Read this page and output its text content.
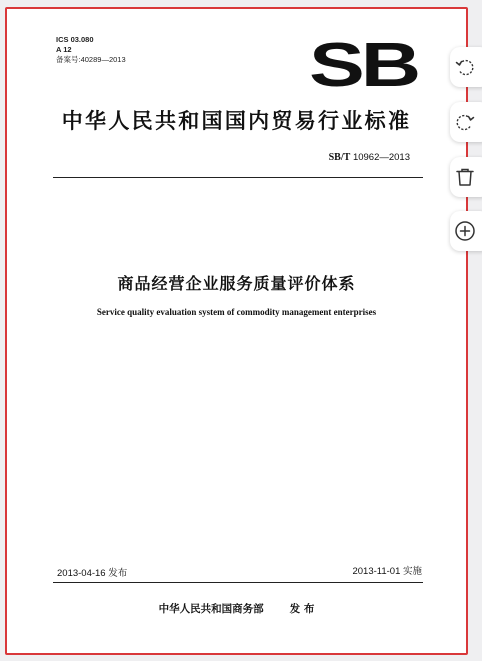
ICS 03.080
A 12
备案号:40289—2013	SB
中华人民共和国国内贸易行业标准
SB/T 10962—2013
商品经营企业服务质量评价体系
Service quality evaluation system of commodity management enterprises
2013-04-16 发布	2013-11-01 实施
中华人民共和国商务部 发 布
